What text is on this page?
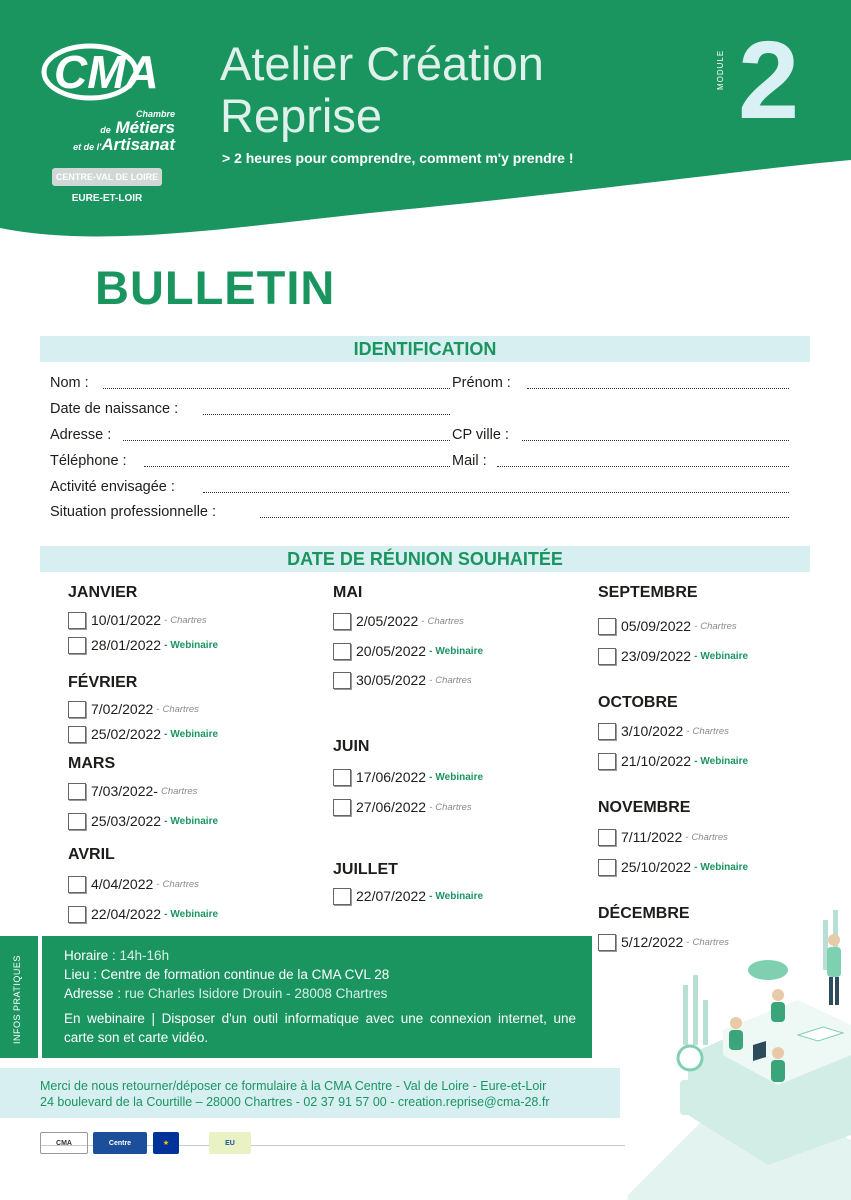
CMA
Chambre
de Métiers
et de l'Artisanat
CENTRE-VAL DE LOIRE
EURE-ET-LOIR
Atelier Création
Reprise
> 2 heures pour comprendre, comment m'y prendre !
MODULE 2
BULLETIN
IDENTIFICATION
Nom :	Prénom :
Date de naissance :
Adresse :	CP ville :
Téléphone :	Mail :
Activité envisagée :
Situation professionnelle :
DATE DE RÉUNION SOUHAITÉE
JANVIER
10/01/2022 - Chartres
28/01/2022 - Webinaire
FÉVRIER
7/02/2022 - Chartres
25/02/2022 - Webinaire
MARS
7/03/2022 - Chartres
25/03/2022 - Webinaire
AVRIL
4/04/2022 - Chartres
22/04/2022 - Webinaire
MAI
2/05/2022 - Chartres
20/05/2022 - Webinaire
30/05/2022 - Chartres
JUIN
17/06/2022 - Webinaire
27/06/2022 - Chartres
JUILLET
22/07/2022 - Webinaire
SEPTEMBRE
05/09/2022 - Chartres
23/09/2022 - Webinaire
OCTOBRE
3/10/2022 - Chartres
21/10/2022 - Webinaire
NOVEMBRE
7/11/2022 - Chartres
25/10/2022 - Webinaire
DÉCEMBRE
5/12/2022 - Chartres
INFOS PRATIQUES	Horaire : 14h-16h
Lieu : Centre de formation continue de la CMA CVL 28
Adresse : rue Charles Isidore Drouin - 28008 Chartres
En webinaire | Disposer d'un outil informatique avec une connexion internet, une carte son et carte vidéo.
Merci de nous retourner/déposer ce formulaire à la CMA Centre - Val de Loire - Eure-et-Loir
24 boulevard de la Courtille – 28000 Chartres - 02 37 91 57 00 - creation.reprise@cma-28.fr
CMA	Centre	★	EU
